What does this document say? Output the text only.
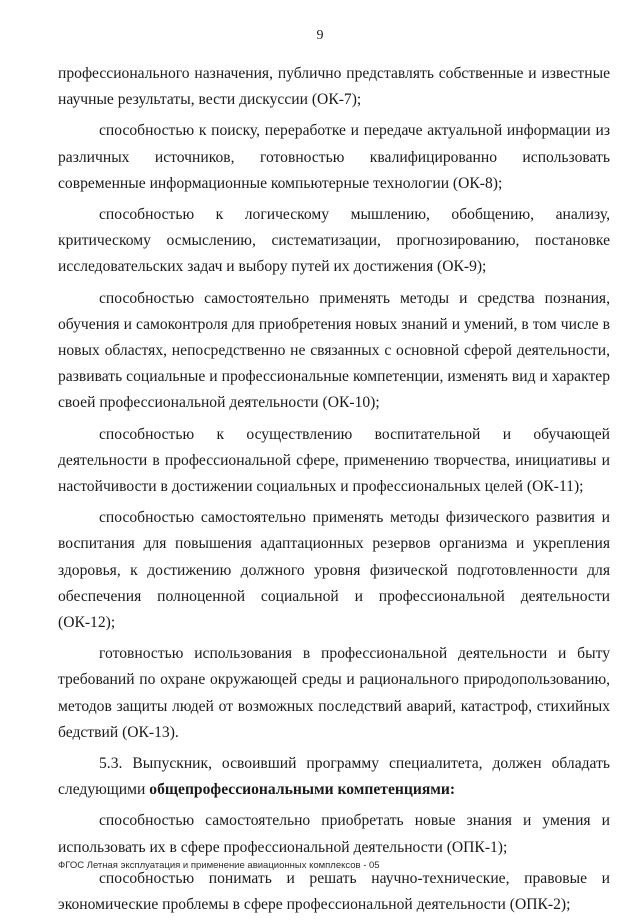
9

профессионального назначения, публично представлять собственные и известные научные результаты, вести дискуссии (ОК-7);

способностью к поиску, переработке и передаче актуальной информации из различных источников, готовностью квалифицированно использовать современные информационные компьютерные технологии (ОК-8);

способностью к логическому мышлению, обобщению, анализу, критическому осмыслению, систематизации, прогнозированию, постановке исследовательских задач и выбору путей их достижения (ОК-9);

способностью самостоятельно применять методы и средства познания, обучения и самоконтроля для приобретения новых знаний и умений, в том числе в новых областях, непосредственно не связанных с основной сферой деятельности, развивать социальные и профессиональные компетенции, изменять вид и характер своей профессиональной деятельности (ОК-10);

способностью к осуществлению воспитательной и обучающей деятельности в профессиональной сфере, применению творчества, инициативы и настойчивости в достижении социальных и профессиональных целей (ОК-11);

способностью самостоятельно применять методы физического развития и воспитания для повышения адаптационных резервов организма и укрепления здоровья, к достижению должного уровня физической подготовленности для обеспечения полноценной социальной и профессиональной деятельности (ОК-12);

готовностью использования в профессиональной деятельности и быту требований по охране окружающей среды и рационального природопользованию, методов защиты людей от возможных последствий аварий, катастроф, стихийных бедствий (ОК-13).

5.3. Выпускник, освоивший программу специалитета, должен обладать следующими общепрофессиональными компетенциями:

способностью самостоятельно приобретать новые знания и умения и использовать их в сфере профессиональной деятельности (ОПК-1);

способностью понимать и решать научно-технические, правовые и экономические проблемы в сфере профессиональной деятельности (ОПК-2);

ФГОС Летная эксплуатация и применение авиационных комплексов - 05
